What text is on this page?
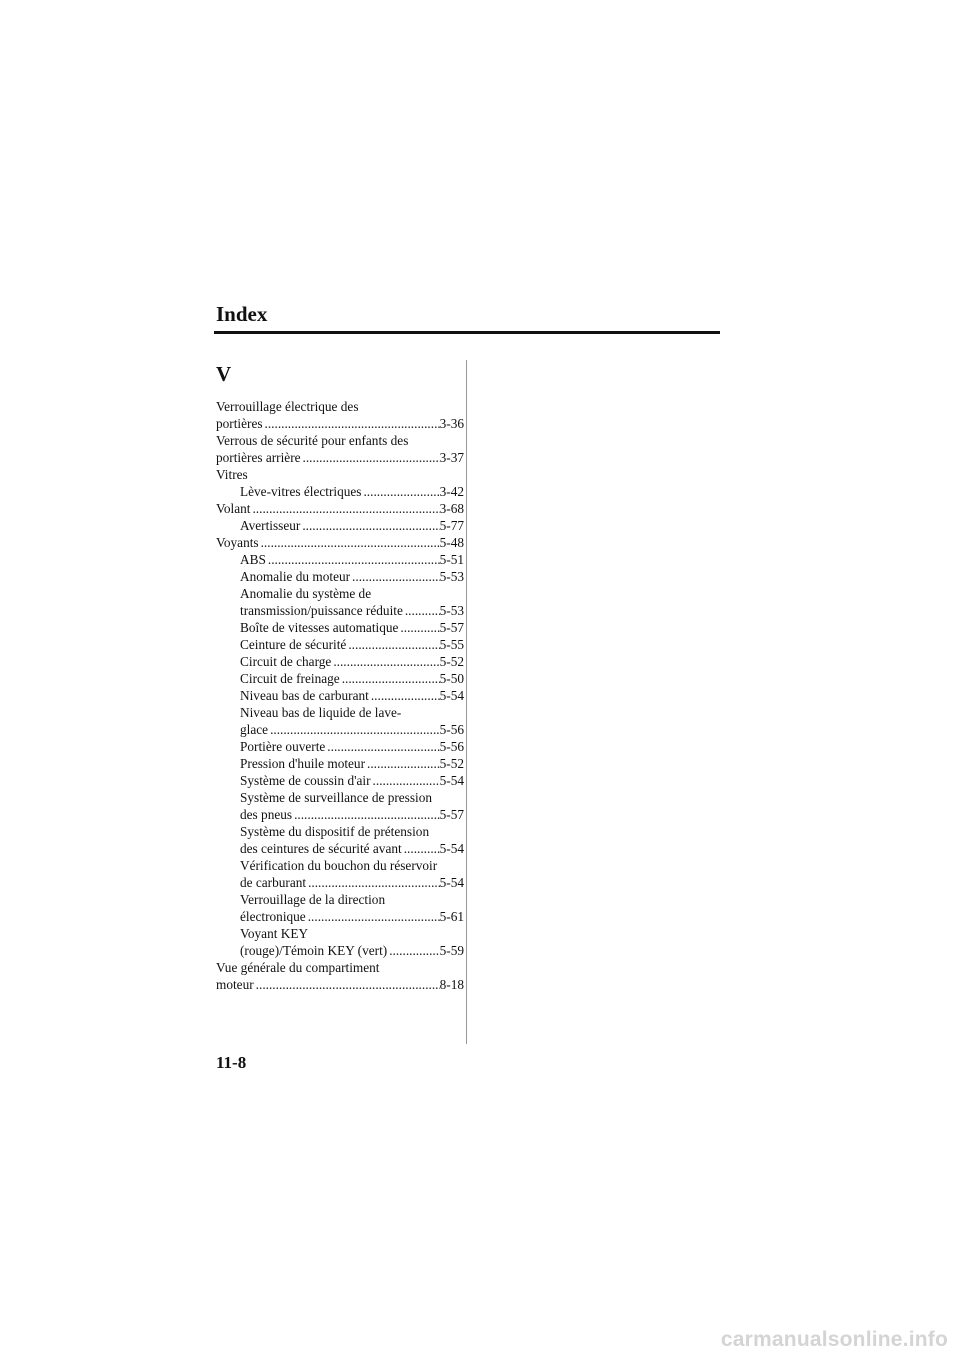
Index
V
Verrouillage électrique des
portières .....	3-36
Verrous de sécurité pour enfants des
portières arrière .....	3-37
Vitres
Lève-vitres électriques .....	3-42
Volant .....	3-68
Avertisseur .....	5-77
Voyants .....	5-48
ABS .....	5-51
Anomalie du moteur .....	5-53
Anomalie du système de
transmission/puissance réduite .....	5-53
Boîte de vitesses automatique .....	5-57
Ceinture de sécurité .....	5-55
Circuit de charge .....	5-52
Circuit de freinage .....	5-50
Niveau bas de carburant .....	5-54
Niveau bas de liquide de lave-
glace .....	5-56
Portière ouverte .....	5-56
Pression d'huile moteur .....	5-52
Système de coussin d'air .....	5-54
Système de surveillance de pression
des pneus .....	5-57
Système du dispositif de prétension
des ceintures de sécurité avant .....	5-54
Vérification du bouchon du réservoir
de carburant .....	5-54
Verrouillage de la direction
électronique .....	5-61
Voyant KEY
(rouge)/Témoin KEY (vert) .....	5-59
Vue générale du compartiment
moteur .....	8-18
11-8
carmanualsonline.info
